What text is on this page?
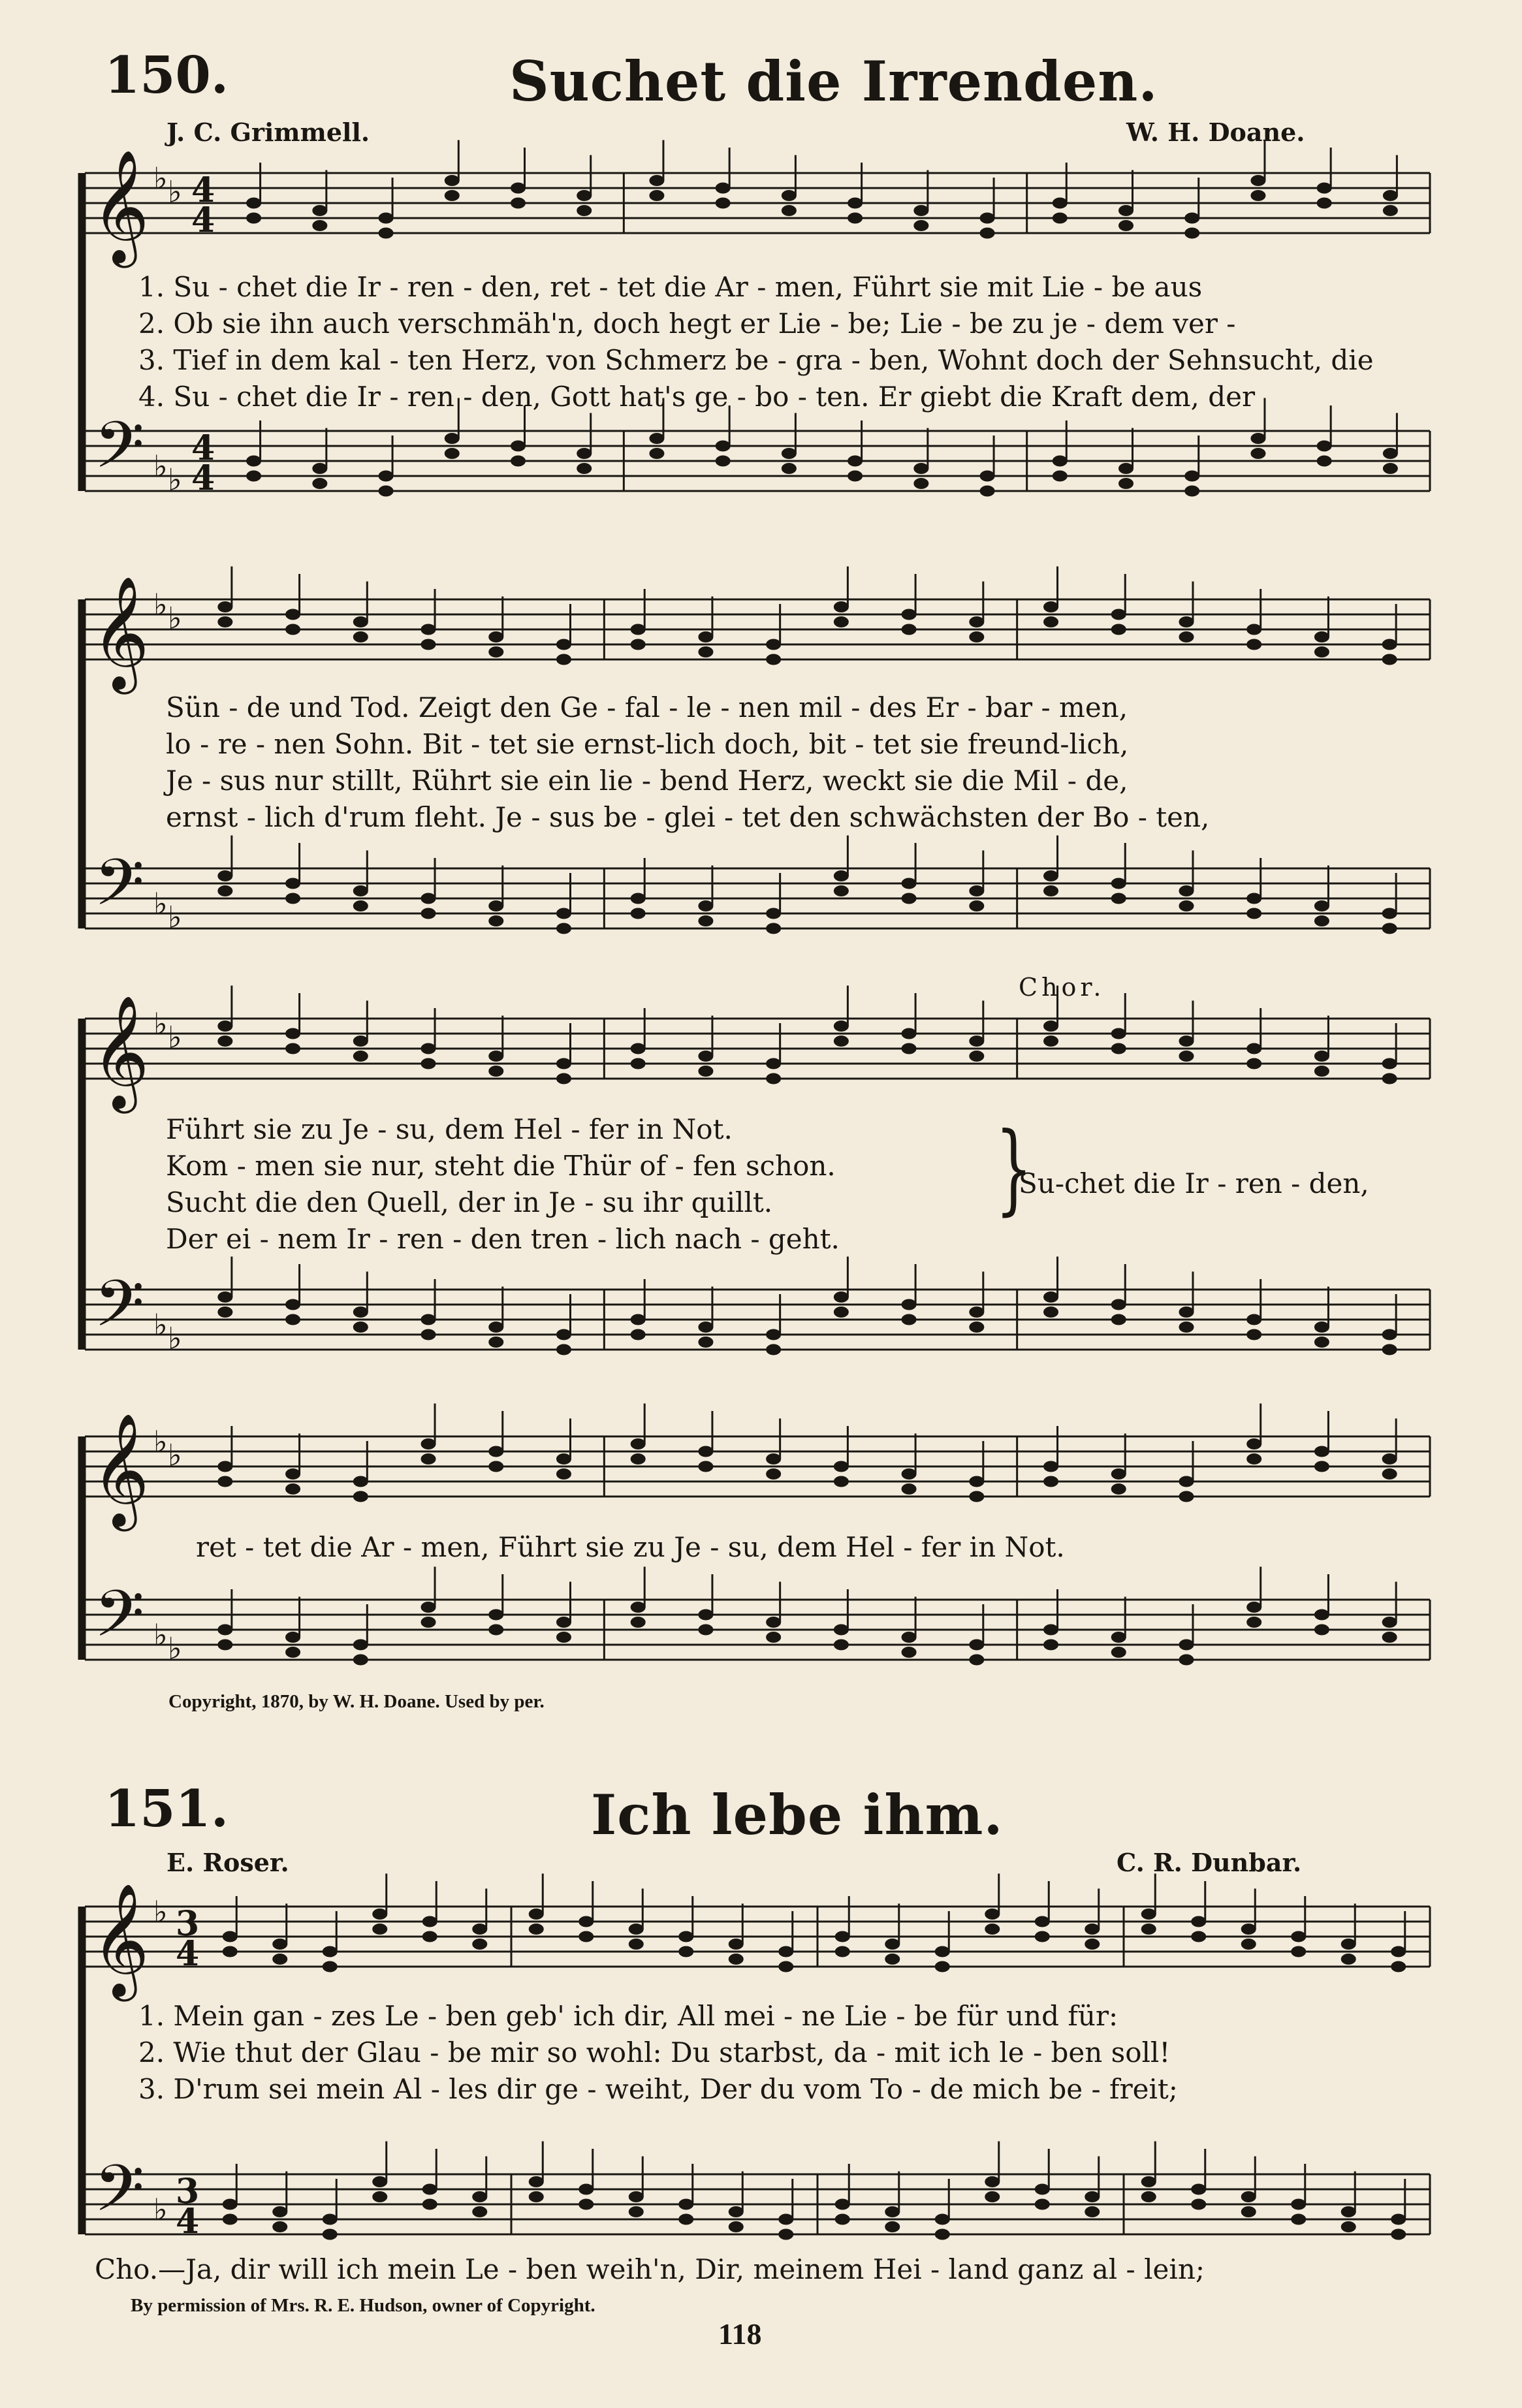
150.	Suchet die Irrenden.
J. C. Grimmell.	W. H. Doane.
𝄞
𝄢
♭
♭
♭
♭
4
4
4
4
𝄞
𝄢
♭
♭
♭
♭
𝄞
𝄢
♭
♭
♭
♭
𝄞
𝄢
♭
♭
♭
♭
𝄞
𝄢
♭
♭
3
4
3
4
1. Su - chet die Ir - ren - den, ret - tet die Ar - men, Führt sie mit Lie - be aus
2. Ob sie ihn auch verschmäh'n, doch hegt er Lie - be; Lie - be zu je - dem ver -
3. Tief in dem kal - ten Herz, von Schmerz be - gra - ben, Wohnt doch der Sehnsucht, die
4. Su - chet die Ir - ren - den, Gott hat's ge - bo - ten. Er giebt die Kraft dem, der
Sün - de und Tod. Zeigt den Ge - fal - le - nen mil - des Er - bar - men,
lo - re - nen Sohn. Bit - tet sie ernst-lich doch, bit - tet sie freund-lich,
Je - sus nur stillt, Rührt sie ein lie - bend Herz, weckt sie die Mil - de,
ernst - lich d'rum fleht. Je - sus be - glei - tet den schwächsten der Bo - ten,
Chor.
Führt sie zu Je - su, dem Hel - fer in Not.
Kom - men sie nur, steht die Thür of - fen schon.
Sucht die den Quell, der in Je - su ihr quillt.
Der ei - nem Ir - ren - den tren - lich nach - geht.
}
Su-chet die Ir - ren - den,
ret - tet die Ar - men, Führt sie zu Je - su, dem Hel - fer in Not.
Copyright, 1870, by W. H. Doane. Used by per.
151.	Ich lebe ihm.
E. Roser.	C. R. Dunbar.
1. Mein gan - zes Le - ben geb' ich dir, All mei - ne Lie - be für und für:
2. Wie thut der Glau - be mir so wohl: Du starbst, da - mit ich le - ben soll!
3. D'rum sei mein Al - les dir ge - weiht, Der du vom To - de mich be - freit;
Cho.—Ja, dir will ich mein Le - ben weih'n, Dir, meinem Hei - land ganz al - lein;
By permission of Mrs. R. E. Hudson, owner of Copyright.
118
